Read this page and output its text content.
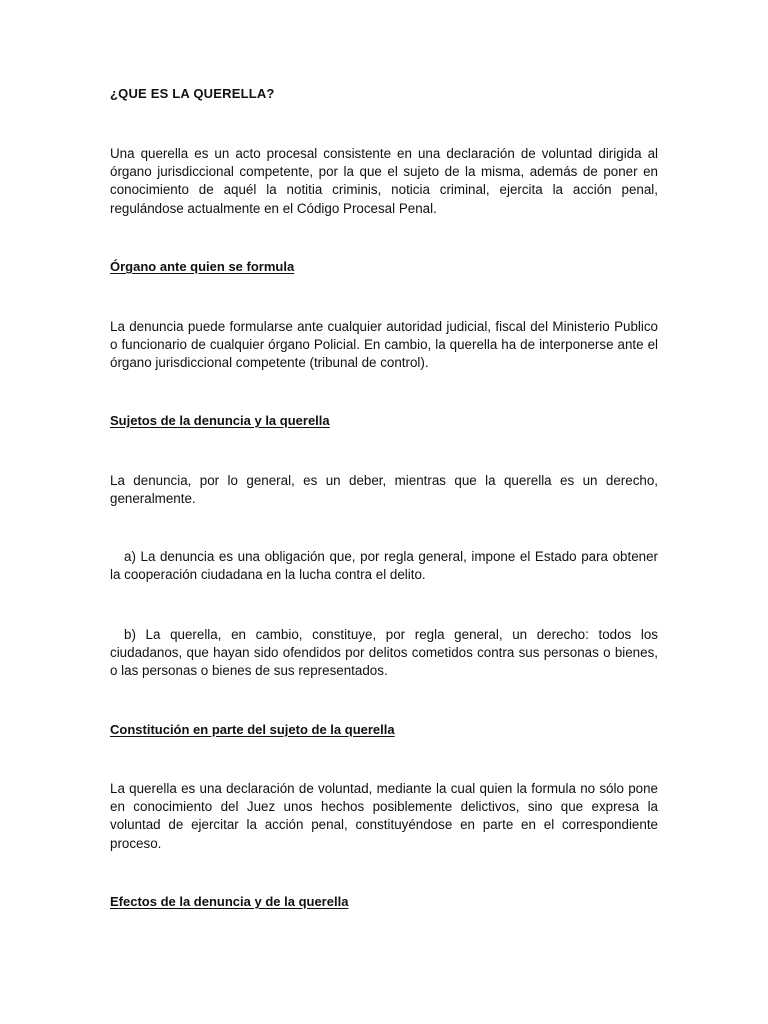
¿QUE ES LA QUERELLA?

Una querella es un acto procesal consistente en una declaración de voluntad dirigida al órgano jurisdiccional competente, por la que el sujeto de la misma, además de poner en conocimiento de aquél la notitia criminis, noticia criminal, ejercita la acción penal, regulándose actualmente en el Código Procesal Penal.

Órgano ante quien se formula

La denuncia puede formularse ante cualquier autoridad judicial, fiscal del Ministerio Publico o funcionario de cualquier órgano Policial. En cambio, la querella ha de interponerse ante el órgano jurisdiccional competente (tribunal de control).

Sujetos de la denuncia y la querella

La denuncia, por lo general, es un deber, mientras que la querella es un derecho, generalmente.

a) La denuncia es una obligación que, por regla general, impone el Estado para obtener la cooperación ciudadana en la lucha contra el delito.

b) La querella, en cambio, constituye, por regla general, un derecho: todos los ciudadanos, que hayan sido ofendidos por delitos cometidos contra sus personas o bienes, o las personas o bienes de sus representados.

Constitución en parte del sujeto de la querella

La querella es una declaración de voluntad, mediante la cual quien la formula no sólo pone en conocimiento del Juez unos hechos posiblemente delictivos, sino que expresa la voluntad de ejercitar la acción penal, constituyéndose en parte en el correspondiente proceso.

Efectos de la denuncia y de la querella
